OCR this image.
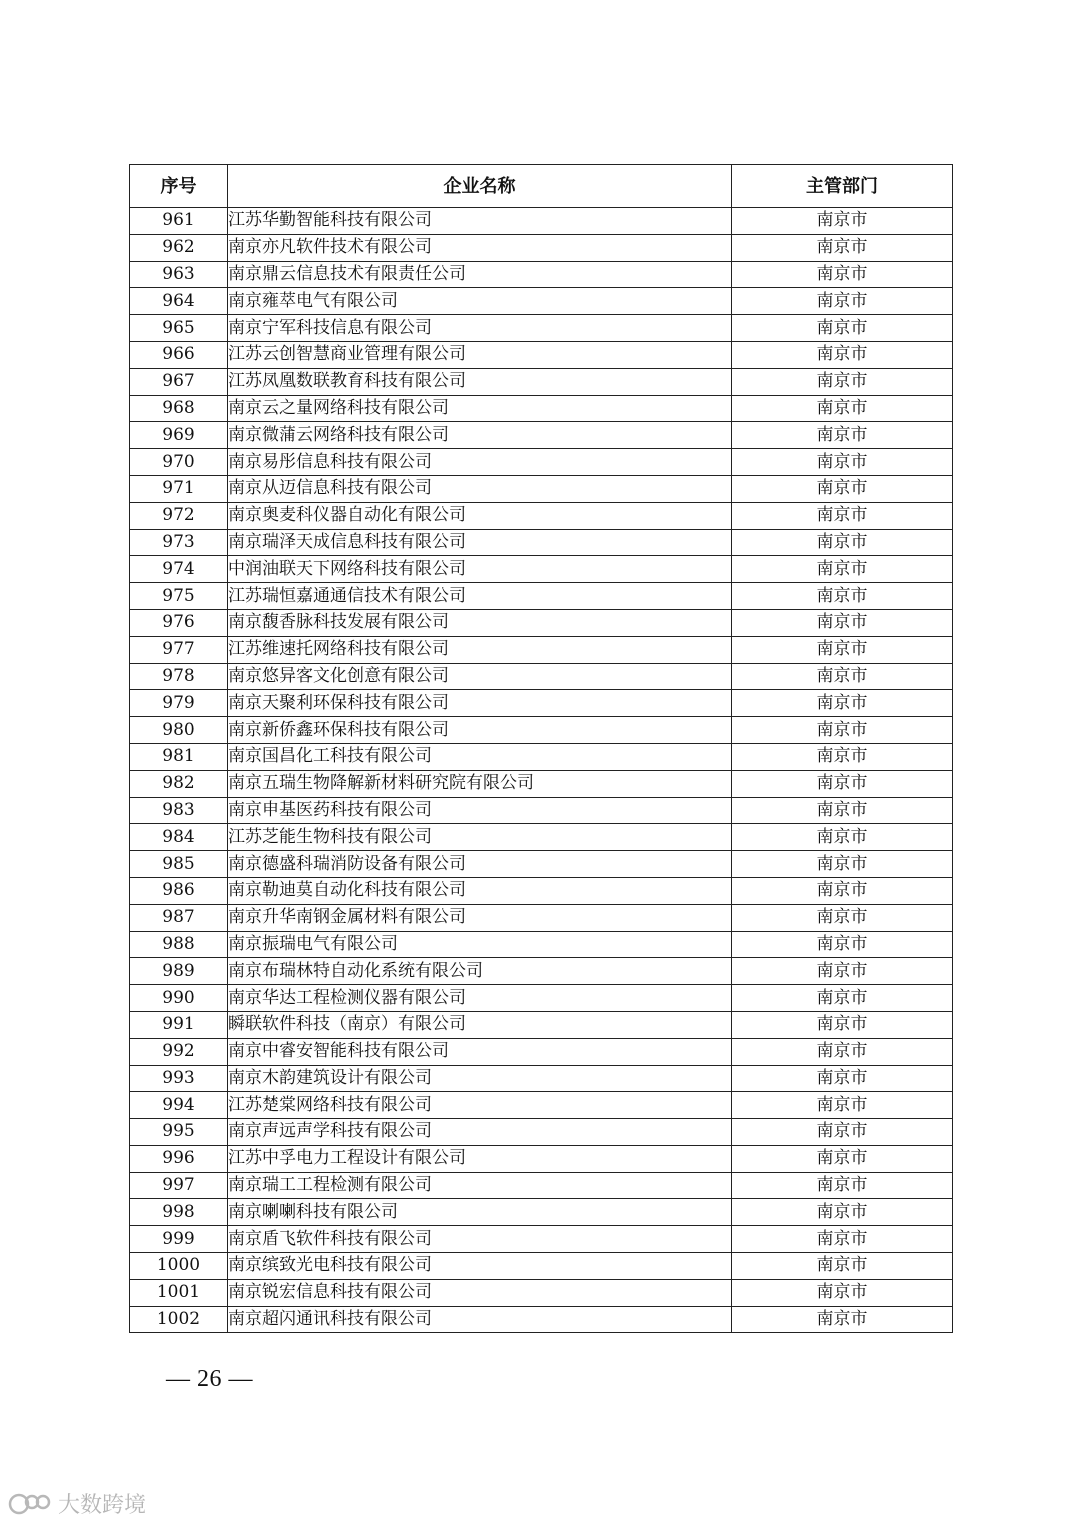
序号	企业名称	主管部门
961	江苏华勤智能科技有限公司	南京市
962	南京亦凡软件技术有限公司	南京市
963	南京鼎云信息技术有限责任公司	南京市
964	南京雍萃电气有限公司	南京市
965	南京宁军科技信息有限公司	南京市
966	江苏云创智慧商业管理有限公司	南京市
967	江苏凤凰数联教育科技有限公司	南京市
968	南京云之量网络科技有限公司	南京市
969	南京微蒲云网络科技有限公司	南京市
970	南京易彤信息科技有限公司	南京市
971	南京从迈信息科技有限公司	南京市
972	南京奥麦科仪器自动化有限公司	南京市
973	南京瑞泽天成信息科技有限公司	南京市
974	中润油联天下网络科技有限公司	南京市
975	江苏瑞恒嘉通通信技术有限公司	南京市
976	南京馥香脉科技发展有限公司	南京市
977	江苏维速托网络科技有限公司	南京市
978	南京悠异客文化创意有限公司	南京市
979	南京天聚利环保科技有限公司	南京市
980	南京新侨鑫环保科技有限公司	南京市
981	南京国昌化工科技有限公司	南京市
982	南京五瑞生物降解新材料研究院有限公司	南京市
983	南京申基医药科技有限公司	南京市
984	江苏芝能生物科技有限公司	南京市
985	南京德盛科瑞消防设备有限公司	南京市
986	南京勒迪莫自动化科技有限公司	南京市
987	南京升华南钢金属材料有限公司	南京市
988	南京振瑞电气有限公司	南京市
989	南京布瑞林特自动化系统有限公司	南京市
990	南京华达工程检测仪器有限公司	南京市
991	瞬联软件科技（南京）有限公司	南京市
992	南京中睿安智能科技有限公司	南京市
993	南京木韵建筑设计有限公司	南京市
994	江苏楚棠网络科技有限公司	南京市
995	南京声远声学科技有限公司	南京市
996	江苏中孚电力工程设计有限公司	南京市
997	南京瑞工工程检测有限公司	南京市
998	南京喇喇科技有限公司	南京市
999	南京盾飞软件科技有限公司	南京市
1000	南京缤致光电科技有限公司	南京市
1001	南京锐宏信息科技有限公司	南京市
1002	南京超闪通讯科技有限公司	南京市
— 26 —
大数跨境
